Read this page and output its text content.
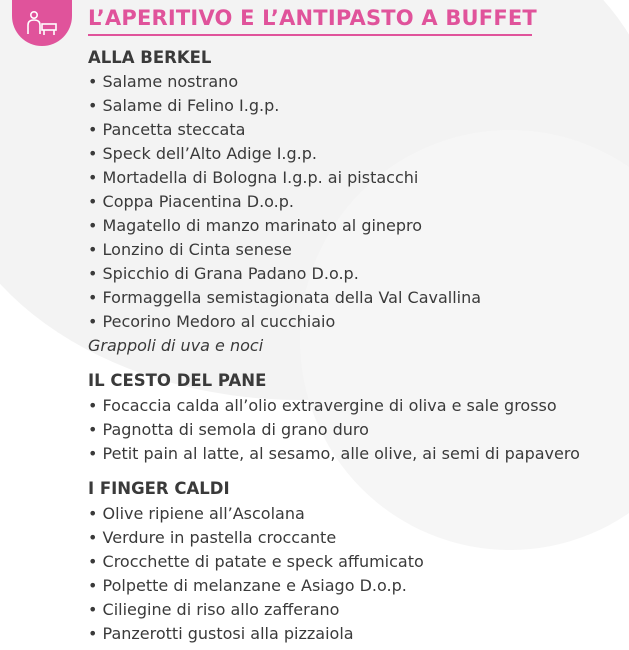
L’APERITIVO E L’ANTIPASTO A BUFFET
ALLA BERKEL
• Salame nostrano
• Salame di Felino I.g.p.
• Pancetta steccata
• Speck dell’Alto Adige I.g.p.
• Mortadella di Bologna I.g.p. ai pistacchi
• Coppa Piacentina D.o.p.
• Magatello di manzo marinato al ginepro
• Lonzino di Cinta senese
• Spicchio di Grana Padano D.o.p.
• Formaggella semistagionata della Val Cavallina
• Pecorino Medoro al cucchiaio
Grappoli di uva e noci
IL CESTO DEL PANE
• Focaccia calda all’olio extravergine di oliva e sale grosso
• Pagnotta di semola di grano duro
• Petit pain al latte, al sesamo, alle olive, ai semi di papavero
I FINGER CALDI
• Olive ripiene all’Ascolana
• Verdure in pastella croccante
• Crocchette di patate e speck affumicato
• Polpette di melanzane e Asiago D.o.p.
• Ciliegine di riso allo zafferano
• Panzerotti gustosi alla pizzaiola
